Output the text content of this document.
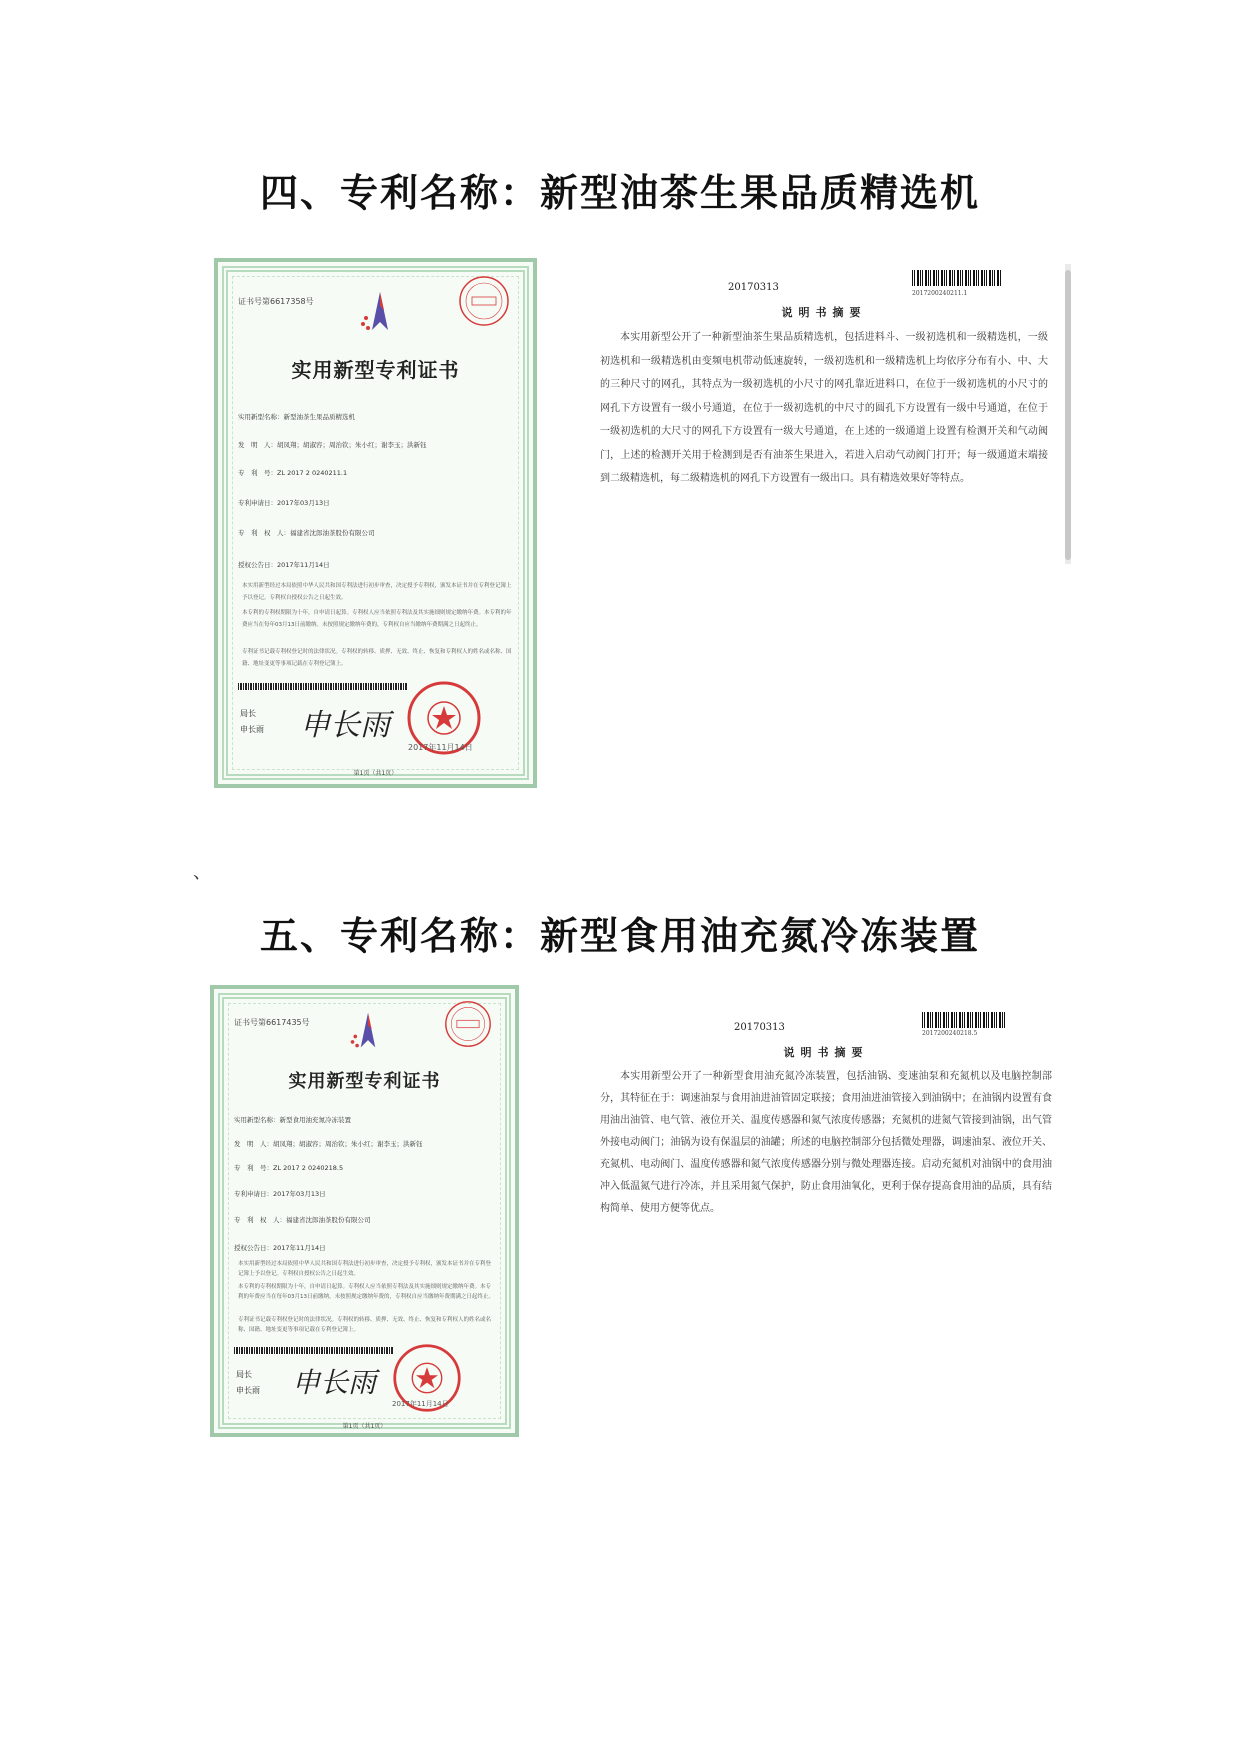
四、专利名称：新型油茶生果品质精选机
证书号第6617358号
实用新型专利证书
实用新型名称：新型油茶生果品质精选机
发　明　人：胡凤翔；胡淑容；周治钦；朱小红；谢李玉；洪新钰
专　利　号：ZL 2017 2 0240211.1
专利申请日：2017年03月13日
专　利　权　人：福建省沈郎油茶股份有限公司
授权公告日：2017年11月14日
本实用新型经过本局依照中华人民共和国专利法进行初步审查，决定授予专利权，颁发本证书并在专利登记簿上予以登记。专利权自授权公告之日起生效。
本专利的专利权期限为十年，自申请日起算。专利权人应当依照专利法及其实施细则规定缴纳年费。本专利的年费应当在每年03月13日前缴纳。未按照规定缴纳年费的，专利权自应当缴纳年费期满之日起终止。
专利证书记载专利权登记时的法律状况。专利权的转移、质押、无效、终止、恢复和专利权人的姓名或名称、国籍、地址变更等事项记载在专利登记簿上。
局长
申长雨 申长雨
2017年11月14日
第1页（共1页）
20170313
2017200240211.1
说明书摘要
本实用新型公开了一种新型油茶生果品质精选机，包括进料斗、一级初选机和一级精选机，一级初选机和一级精选机由变频电机带动低速旋转，一级初选机和一级精选机上均依序分布有小、中、大的三种尺寸的网孔，其特点为一级初选机的小尺寸的网孔靠近进料口，在位于一级初选机的小尺寸的网孔下方设置有一级小号通道，在位于一级初选机的中尺寸的圆孔下方设置有一级中号通道，在位于一级初选机的大尺寸的网孔下方设置有一级大号通道，在上述的一级通道上设置有检测开关和气动阀门，上述的检测开关用于检测到是否有油茶生果进入，若进入启动气动阀门打开；每一级通道末端接到二级精选机，每二级精选机的网孔下方设置有一级出口。具有精选效果好等特点。
、
五、专利名称：新型食用油充氮冷冻装置
证书号第6617435号
实用新型专利证书
实用新型名称：新型食用油充氮冷冻装置
发　明　人：胡凤翔；胡淑容；周治钦；朱小红；谢李玉；洪新钰
专　利　号：ZL 2017 2 0240218.5
专利申请日：2017年03月13日
专　利　权　人：福建省沈郎油茶股份有限公司
授权公告日：2017年11月14日
本实用新型经过本局依照中华人民共和国专利法进行初步审查，决定授予专利权，颁发本证书并在专利登记簿上予以登记。专利权自授权公告之日起生效。
本专利的专利权期限为十年，自申请日起算。专利权人应当依照专利法及其实施细则规定缴纳年费。本专利的年费应当在每年03月13日前缴纳。未按照规定缴纳年费的，专利权自应当缴纳年费期满之日起终止。
专利证书记载专利权登记时的法律状况。专利权的转移、质押、无效、终止、恢复和专利权人的姓名或名称、国籍、地址变更等事项记载在专利登记簿上。
局长
申长雨 申长雨
2017年11月14日
第1页（共1页）
20170313
2017200240218.5
说明书摘要
本实用新型公开了一种新型食用油充氮冷冻装置，包括油锅、变速油泵和充氮机以及电脑控制部分，其特征在于：调速油泵与食用油进油管固定联接；食用油进油管接入到油锅中；在油锅内设置有食用油出油管、电气管、液位开关、温度传感器和氮气浓度传感器；充氮机的进氮气管接到油锅，出气管外接电动阀门；油锅为设有保温层的油罐；所述的电脑控制部分包括微处理器，调速油泵、液位开关、充氮机、电动阀门、温度传感器和氮气浓度传感器分别与微处理器连接。启动充氮机对油锅中的食用油冲入低温氮气进行冷冻，并且采用氮气保护，防止食用油氧化，更利于保存提高食用油的品质，具有结构简单、使用方便等优点。
